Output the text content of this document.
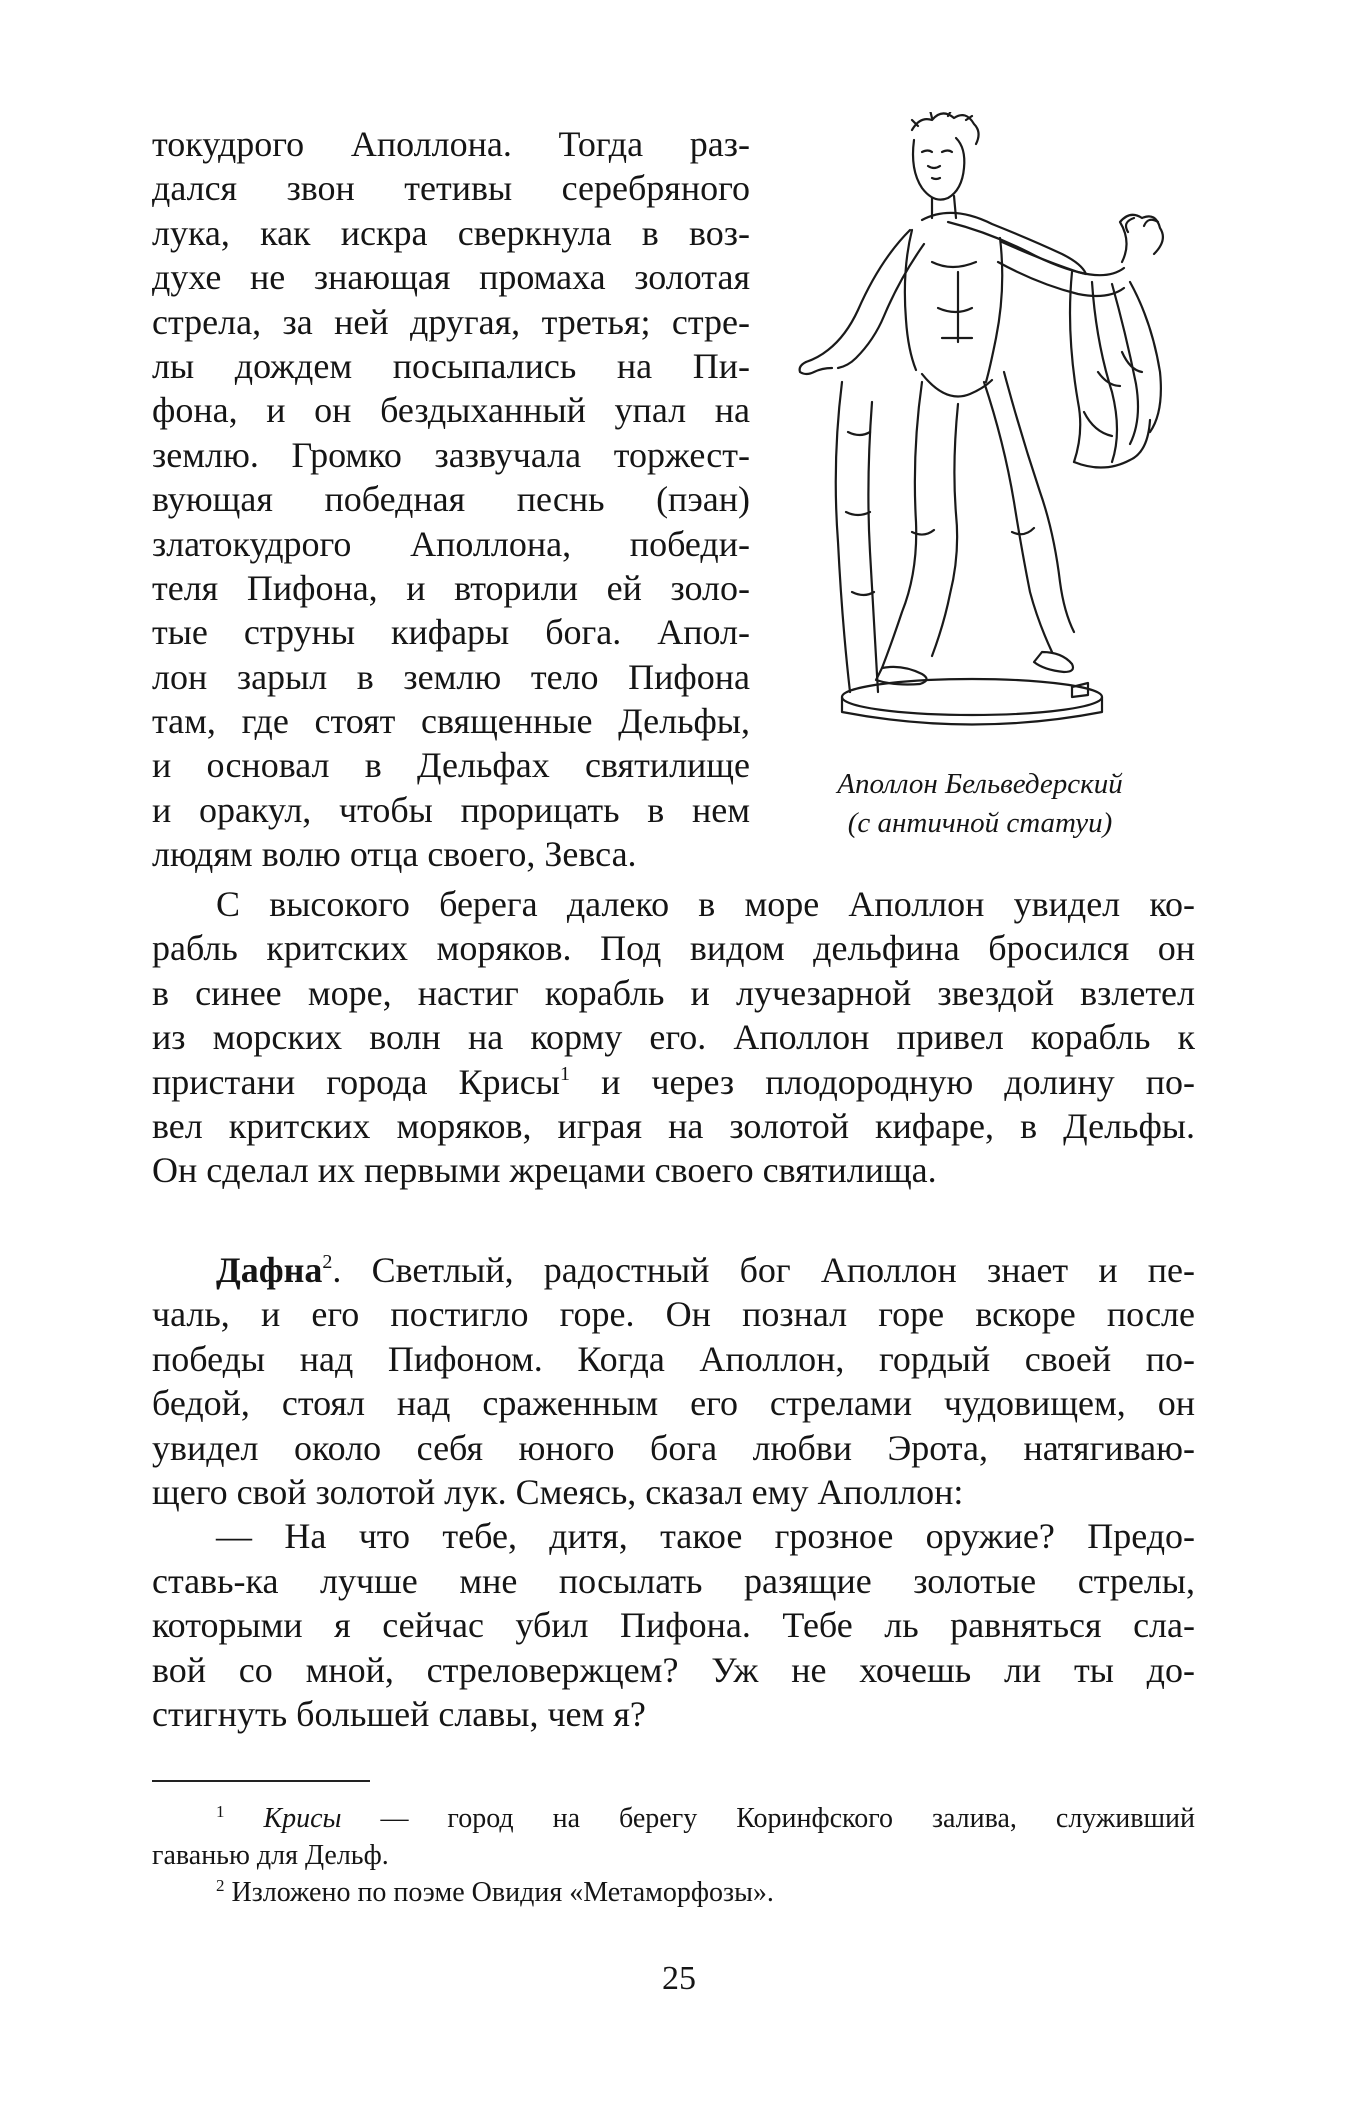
токудрого Аполлона. Тогда раз-
дался звон тетивы серебряного
лука, как искра сверкнула в воз-
духе не знающая промаха золотая
стрела, за ней другая, третья; стре-
лы дождем посыпались на Пи-
фона, и он бездыханный упал на
землю. Громко зазвучала торжест-
вующая победная песнь (пэан)
златокудрого Аполлона, победи-
теля Пифона, и вторили ей золо-
тые струны кифары бога. Апол-
лон зарыл в землю тело Пифона
там, где стоят священные Дельфы,
и основал в Дельфах святилище
и оракул, чтобы прорицать в нем
людям волю отца своего, Зевса.
Аполлон Бельведерский
(с античной статуи)
С высокого берега далеко в море Аполлон увидел ко-
рабль критских моряков. Под видом дельфина бросился он
в синее море, настиг корабль и лучезарной звездой взлетел
из морских волн на корму его. Аполлон привел корабль к
пристани города Крисы$^1$ и через плодородную долину по-
вел критских моряков, играя на золотой кифаре, в Дельфы.
Он сделал их первыми жрецами своего святилища.
Дафна$^2$. Светлый, радостный бог Аполлон знает и пе-
чаль, и его постигло горе. Он познал горе вскоре после
победы над Пифоном. Когда Аполлон, гордый своей по-
бедой, стоял над сраженным его стрелами чудовищем, он
увидел около себя юного бога любви Эрота, натягиваю-
щего свой золотой лук. Смеясь, сказал ему Аполлон:
— На что тебе, дитя, такое грозное оружие? Предо-
ставь-ка лучше мне посылать разящие золотые стрелы,
которыми я сейчас убил Пифона. Тебе ль равняться сла-
вой со мной, стреловержцем? Уж не хочешь ли ты до-
стигнуть большей славы, чем я?
$^1$ Крисы — город на берегу Коринфского залива, служивший
гаванью для Дельф.
$^2$ Изложено по поэме Овидия «Метаморфозы».
25
